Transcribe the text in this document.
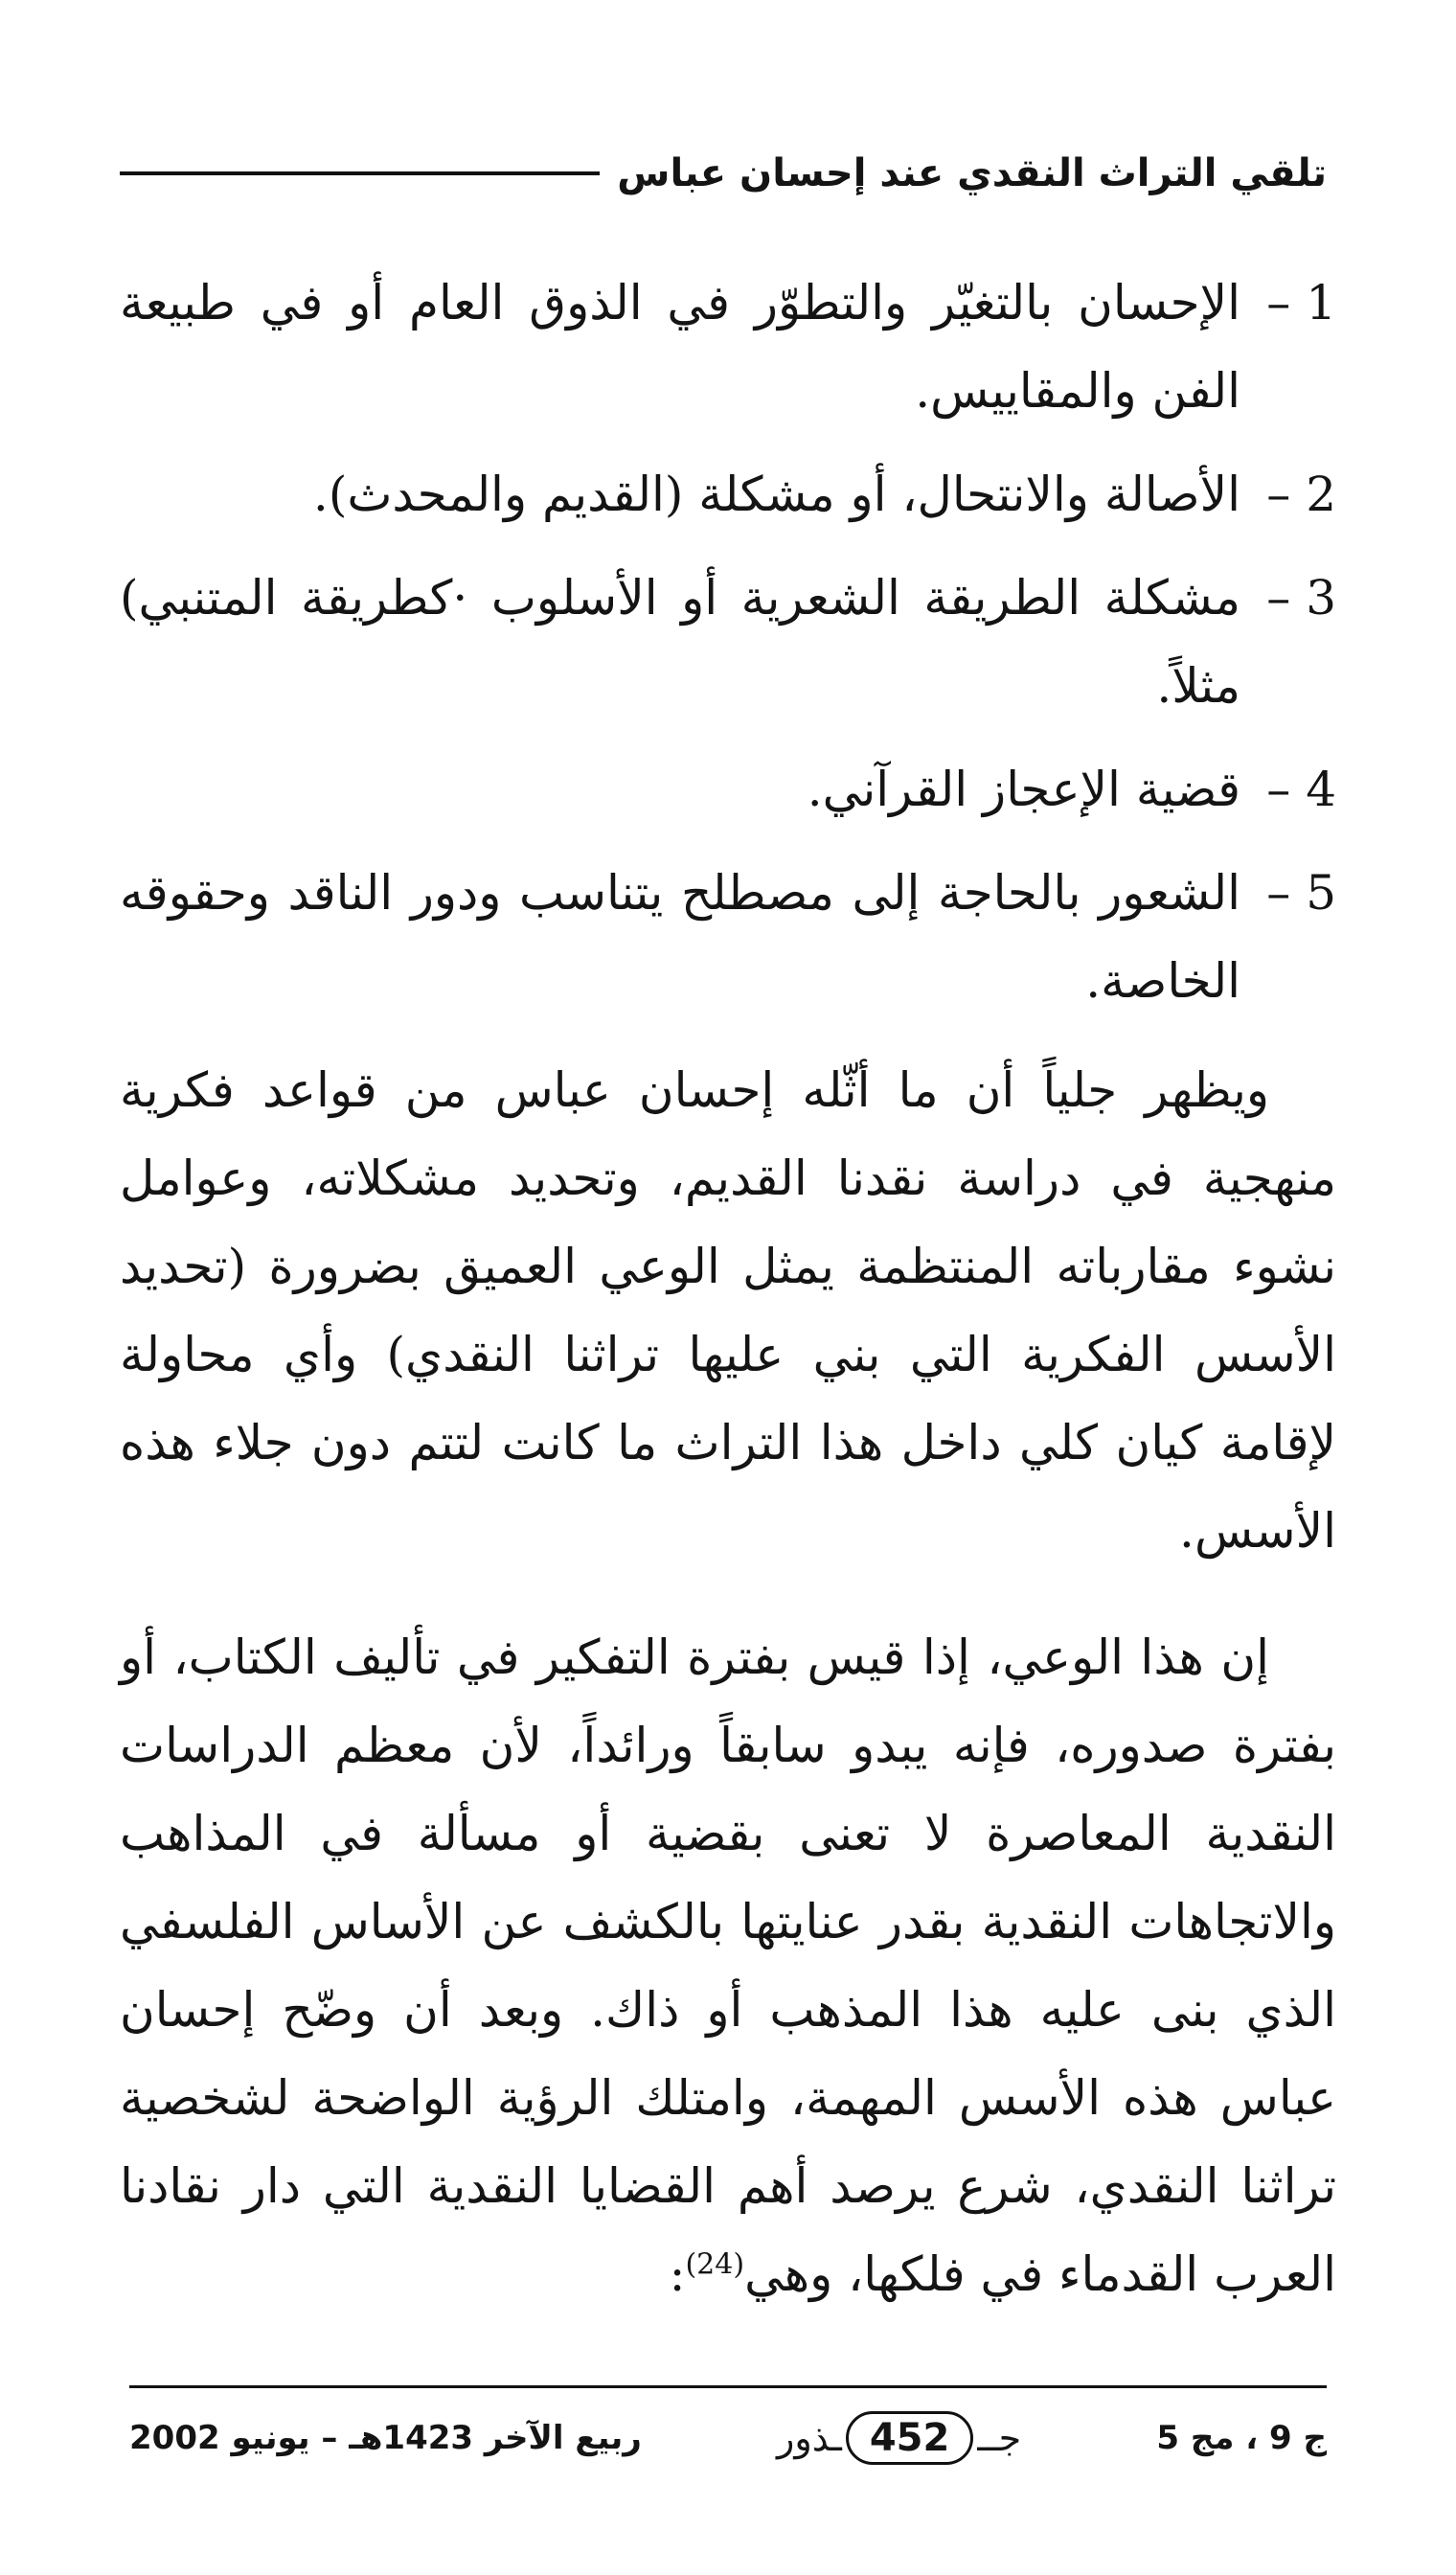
تلقي التراث النقدي عند إحسان عباس
1 –
الإحسان بالتغيّر والتطوّر في الذوق العام أو في طبيعة الفن والمقاييس.
2 –
الأصالة والانتحال، أو مشكلة (القديم والمحدث).
3 –
مشكلة الطريقة الشعرية أو الأسلوب ·كطريقة المتنبي) مثلاً.
4 –
قضية الإعجاز القرآني.
5 –
الشعور بالحاجة إلى مصطلح يتناسب ودور الناقد وحقوقه الخاصة.

ويظهر جلياً أن ما أثّله إحسان عباس من قواعد فكرية منهجية في دراسة نقدنا القديم، وتحديد مشكلاته، وعوامل نشوء مقارباته المنتظمة يمثل الوعي العميق بضرورة (تحديد الأسس الفكرية التي بني عليها تراثنا النقدي) وأي محاولة لإقامة كيان كلي داخل هذا التراث ما كانت لتتم دون جلاء هذه الأسس.

إن هذا الوعي، إذا قيس بفترة التفكير في تأليف الكتاب، أو بفترة صدوره، فإنه يبدو سابقاً ورائداً، لأن معظم الدراسات النقدية المعاصرة لا تعنى بقضية أو مسألة في المذاهب والاتجاهات النقدية بقدر عنايتها بالكشف عن الأساس الفلسفي الذي بنى عليه هذا المذهب أو ذاك. وبعد أن وضّح إحسان عباس هذه الأسس المهمة، وامتلك الرؤية الواضحة لشخصية تراثنا النقدي، شرع يرصد أهم القضايا النقدية التي دار نقادنا العرب القدماء في فلكها، وهي$^{(24)}$:

ج 9 ، مج 5
جــ
452
ـذور
ربيع الآخر 1423هـ – يونيو 2002
